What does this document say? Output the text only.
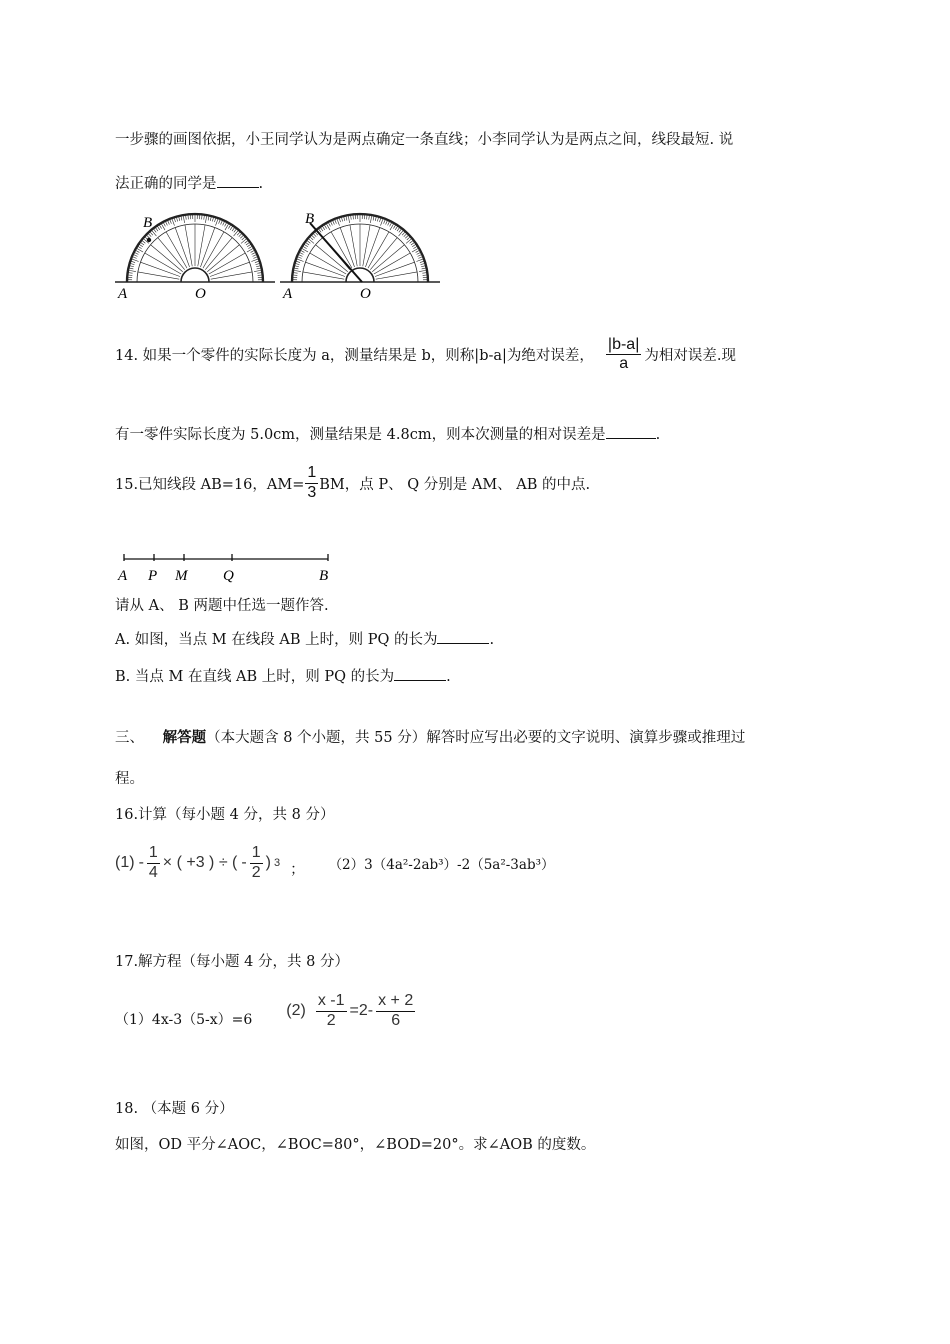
一步骤的画图依据，小王同学认为是两点确定一条直线；小李同学认为是两点之间，线段最短. 说
法正确的同学是	.
B
A	O
B
A	O
14. 如果一个零件的实际长度为 a，测量结果是 b，则称|b-a|为绝对误差， $\frac{|b-a|}{a}$ 为相对误差.现
有一零件实际长度为 5.0cm，测量结果是 4.8cm，则本次测量的相对误差是	.
15.已知线段 AB=16，$AM= \frac{1}{3}$ BM，点 P、 Q 分别是 AM、 AB 的中点.
A P M Q	B
请从 A、 B 两题中任选一题作答.
A. 如图，当点 M 在线段 AB 上时，则 PQ 的长为	.
B. 当点 M 在直线 AB 上时，则 PQ 的长为	.
三、 解答题（本大题含 8 个小题，共 55 分）解答时应写出必要的文字说明、演算步骤或推理过
程。
16.计算（每小题 4 分，共 8 分）
$(1) - \frac{1}{4}$ × ( +3 ) ÷ ( - $\frac{1}{2}$ ) 3 ； （2）3（4a²-2ab³）-2（5a²-3ab³）
17.解方程（每小题 4 分，共 8 分）
（1）4x-3（5-x）=6
$(2) \frac{x -1}{2} =2- \frac{x + 2}{6}$
18. （本题 6 分）
如图，OD 平分∠AOC，∠BOC=80°，∠BOD=20°。求∠AOB 的度数。
